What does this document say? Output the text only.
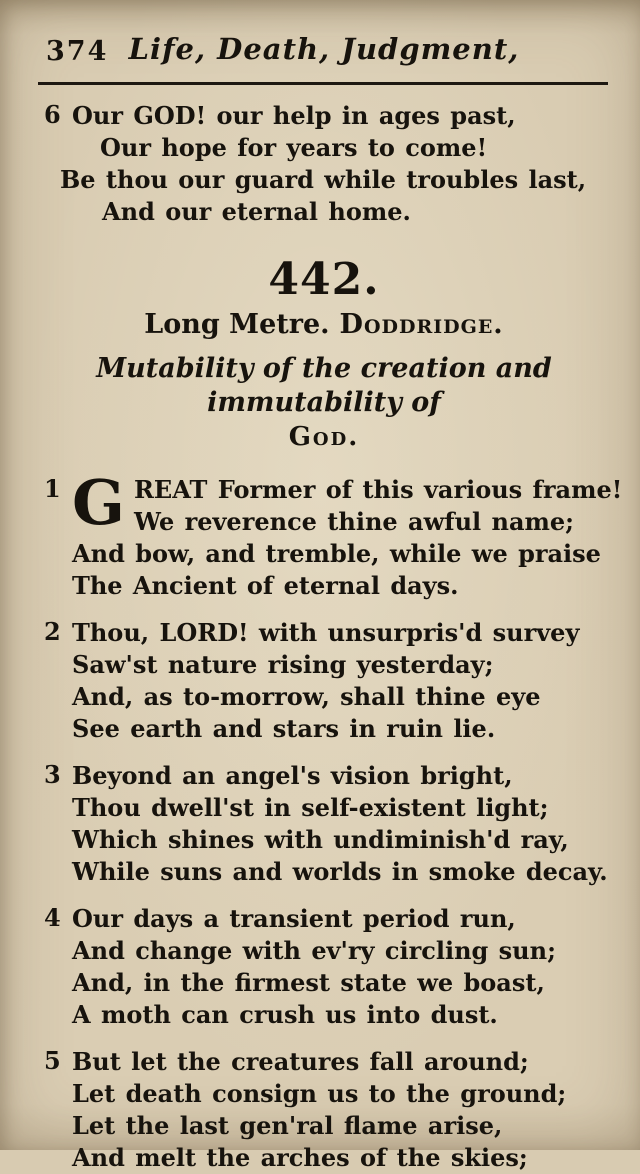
374 Life, Death, Judgment,
6 Our GOD! our help in ages past,
Our hope for years to come!
Be thou our guard while troubles last,
And our eternal home.
442.
Long Metre. Doddridge.
Mutability of the creation and immutability of
God.
1 G REAT Former of this various frame!
We reverence thine awful name;
And bow, and tremble, while we praise
The Ancient of eternal days.
2 Thou, LORD! with unsurpris'd survey
Saw'st nature rising yesterday;
And, as to-morrow, shall thine eye
See earth and stars in ruin lie.
3 Beyond an angel's vision bright,
Thou dwell'st in self-existent light;
Which shines with undiminish'd ray,
While suns and worlds in smoke decay.
4 Our days a transient period run,
And change with ev'ry circling sun;
And, in the firmest state we boast,
A moth can crush us into dust.
5 But let the creatures fall around;
Let death consign us to the ground;
Let the last gen'ral flame arise,
And melt the arches of the skies;
